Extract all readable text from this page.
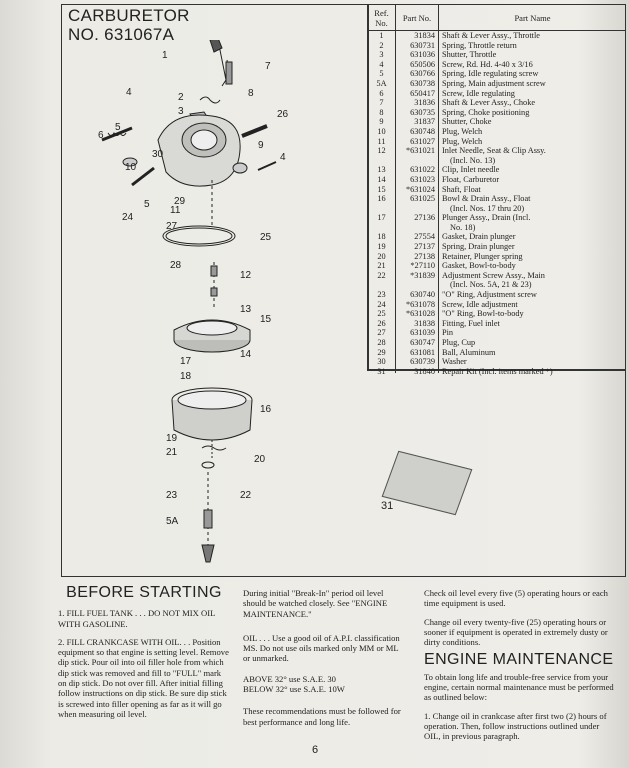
CARBURETOR
NO. 631067A
Ref. No.	Part No.	Part Name
1	31834 Shaft & Lever Assy., Throttle
2	630731 Spring, Throttle return
3	631036 Shutter, Throttle
4	650506 Screw, Rd. Hd. 4-40 x 3/16
5	630766 Spring, Idle regulating screw
5A	630738 Spring, Main adjustment screw
6	650417 Screw, Idle regulating
7	31836 Shaft & Lever Assy., Choke
8	630735 Spring, Choke positioning
9	31837 Shutter, Choke
10	630748 Plug, Welch
11	631027 Plug, Welch
12	*631021 Inlet Needle, Seat & Clip Assy.
(Incl. No. 13)
13	631022 Clip, Inlet needle
14	631023 Float, Carburetor
15	*631024 Shaft, Float
16	631025 Bowl & Drain Assy., Float
(Incl. Nos. 17 thru 20)
17	27136 Plunger Assy., Drain (Incl.
No. 18)
18	27554 Gasket, Drain plunger
19	27137 Spring, Drain plunger
20	27138 Retainer, Plunger spring
21	*27110 Gasket, Bowl-to-body
22	*31839 Adjustment Screw Assy., Main
(Incl. Nos. 5A, 21 & 23)
23	630740 "O" Ring, Adjustment screw
24	*631078 Screw, Idle adjustment
25	*631028 "O" Ring, Bowl-to-body
26	31838 Fitting, Fuel inlet
27	631039 Pin
28	630747 Plug, Cup
29	631081 Ball, Aluminum
30	630739 Washer
31	31840 Repair Kit (Incl. items marked *)
1
2
3
4
5
6
7
8
9
10
11
12
13
14
15
16
17
18
19
20
21
22
23
24
25
26
27
28
29
30	4
5
5A
31
BEFORE STARTING

1. FILL FUEL TANK . . . DO NOT MIX OIL WITH GASOLINE.

2. FILL CRANKCASE WITH OIL. . . Position equipment so that engine is setting level. Remove dip stick. Pour oil into oil filler hole from which dip stick was removed and fill to "FULL" mark on dip stick. Do not over fill. After initial filling follow instructions on dip stick. Be sure dip stick is screwed into filler opening as far as it will go when measuring oil level.

During initial "Break-In" period oil level should be watched closely. See "ENGINE MAINTENANCE."

OIL . . . Use a good oil of A.P.I. classification MS. Do not use oils marked only MM or ML or unmarked.

ABOVE 32° use S.A.E. 30
BELOW 32° use S.A.E. 10W

These recommendations must be followed for best performance and long life.

Check oil level every five (5) operating hours or each time equipment is used.

Change oil every twenty-five (25) operating hours or sooner if equipment is operated in extremely dusty or dirty conditions.

ENGINE MAINTENANCE

To obtain long life and trouble-free service from your engine, certain normal maintenance must be performed as outlined below:

1. Change oil in crankcase after first two (2) hours of operation. Then, follow instructions outlined under OIL, in previous paragraph.

6
